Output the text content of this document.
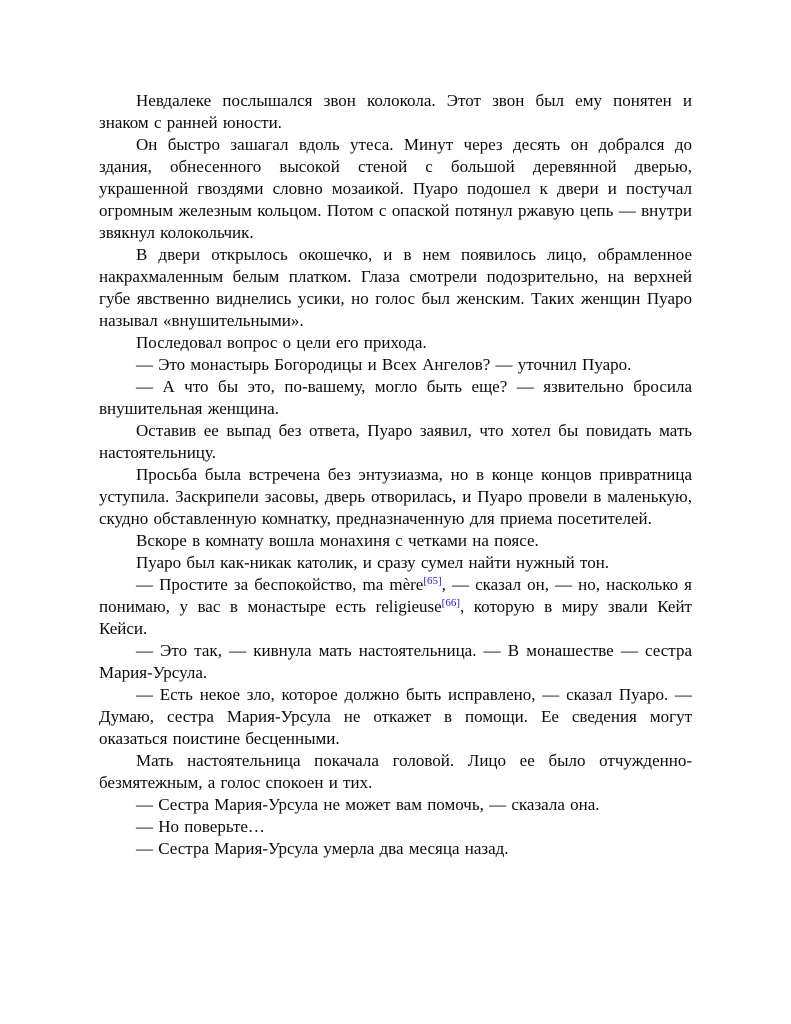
Невдалеке послышался звон колокола. Этот звон был ему понятен и знаком с ранней юности.

Он быстро зашагал вдоль утеса. Минут через десять он добрался до здания, обнесенного высокой стеной с большой деревянной дверью, украшенной гвоздями словно мозаикой. Пуаро подошел к двери и постучал огромным железным кольцом. Потом с опаской потянул ржавую цепь — внутри звякнул колокольчик.

В двери открылось окошечко, и в нем появилось лицо, обрамленное накрахмаленным белым платком. Глаза смотрели подозрительно, на верхней губе явственно виднелись усики, но голос был женским. Таких женщин Пуаро называл «внушительными».

Последовал вопрос о цели его прихода.

— Это монастырь Богородицы и Всех Ангелов? — уточнил Пуаро.

— А что бы это, по-вашему, могло быть еще? — язвительно бросила внушительная женщина.

Оставив ее выпад без ответа, Пуаро заявил, что хотел бы повидать мать настоятельницу.

Просьба была встречена без энтузиазма, но в конце концов привратница уступила. Заскрипели засовы, дверь отворилась, и Пуаро провели в маленькую, скудно обставленную комнатку, предназначенную для приема посетителей.

Вскоре в комнату вошла монахиня с четками на поясе.

Пуаро был как-никак католик, и сразу сумел найти нужный тон.

— Простите за беспокойство, ma mère[65], — сказал он, — но, насколько я понимаю, у вас в монастыре есть religieuse[66], которую в миру звали Кейт Кейси.

— Это так, — кивнула мать настоятельница. — В монашестве — сестра Мария-Урсула.

— Есть некое зло, которое должно быть исправлено, — сказал Пуаро. — Думаю, сестра Мария-Урсула не откажет в помощи. Ее сведения могут оказаться поистине бесценными.

Мать настоятельница покачала головой. Лицо ее было отчужденно-безмятежным, а голос спокоен и тих.

— Сестра Мария-Урсула не может вам помочь, — сказала она.

— Но поверьте…

— Сестра Мария-Урсула умерла два месяца назад.
